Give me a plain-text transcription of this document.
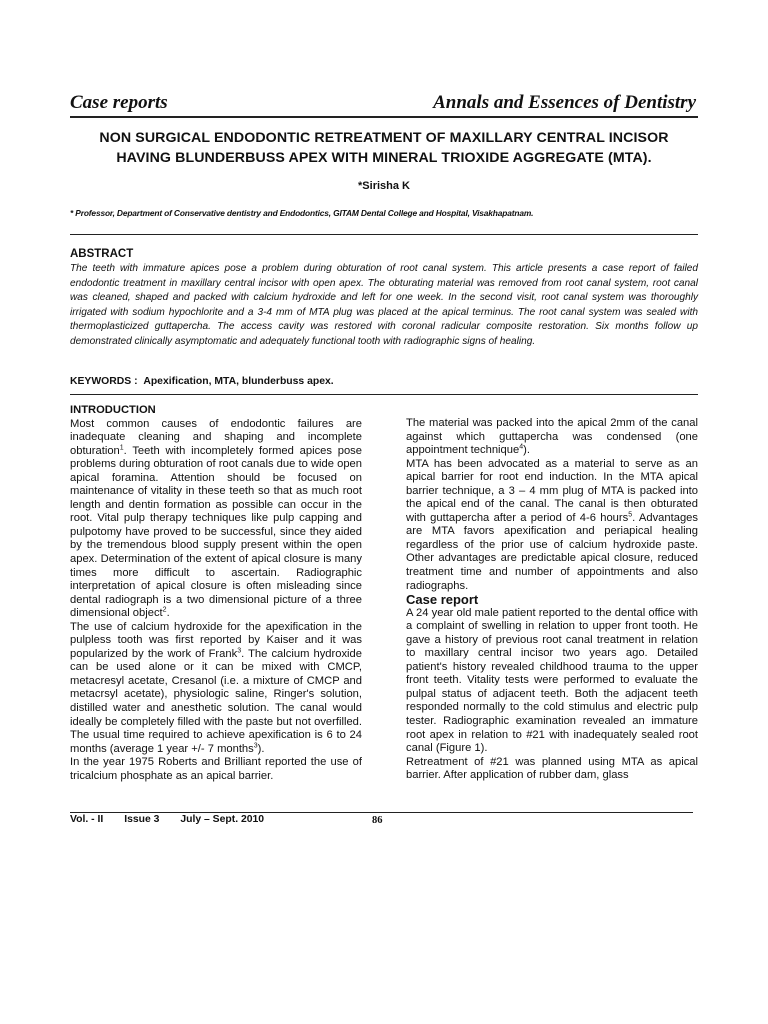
Case reports	Annals and Essences of Dentistry
NON SURGICAL ENDODONTIC RETREATMENT OF MAXILLARY CENTRAL INCISOR
HAVING BLUNDERBUSS APEX WITH MINERAL TRIOXIDE AGGREGATE (MTA).
*Sirisha K
* Professor, Department of Conservative dentistry and Endodontics, GITAM Dental College and Hospital, Visakhapatnam.
ABSTRACT
The teeth with immature apices pose a problem during obturation of root canal system. This article presents a case report of failed endodontic treatment in maxillary central incisor with open apex. The obturating material was removed from root canal system, root canal was cleaned, shaped and packed with calcium hydroxide and left for one week. In the second visit, root canal system was thoroughly irrigated with sodium hypochlorite and a 3-4 mm of MTA plug was placed at the apical terminus. The root canal system was sealed with thermoplasticized guttapercha. The access cavity was restored with coronal radicular composite restoration. Six months follow up demonstrated clinically asymptomatic and adequately functional tooth with radiographic signs of healing.
KEYWORDS : Apexification, MTA, blunderbuss apex.

INTRODUCTION

Most common causes of endodontic failures are inadequate cleaning and shaping and incomplete obturation$^1$. Teeth with incompletely formed apices pose problems during obturation of root canals due to wide open apical foramina. Attention should be focused on maintenance of vitality in these teeth so that as much root length and dentin formation as possible can occur in the root. Vital pulp therapy techniques like pulp capping and pulpotomy have proved to be successful, since they aided by the tremendous blood supply present within the open apex. Determination of the extent of apical closure is many times more difficult to ascertain. Radiographic interpretation of apical closure is often misleading since dental radiograph is a two dimensional picture of a three dimensional object$^2$.

The use of calcium hydroxide for the apexification in the pulpless tooth was first reported by Kaiser and it was popularized by the work of Frank$^3$. The calcium hydroxide can be used alone or it can be mixed with CMCP, metacresyl acetate, Cresanol (i.e. a mixture of CMCP and metacrsyl acetate), physiologic saline, Ringer's solution, distilled water and anesthetic solution. The canal would ideally be completely filled with the paste but not overfilled. The usual time required to achieve apexification is 6 to 24 months (average 1 year +/- 7 months$^3$).

In the year 1975 Roberts and Brilliant reported the use of tricalcium phosphate as an apical barrier.

The material was packed into the apical 2mm of the canal against which guttapercha was condensed (one appointment technique$^4$).

MTA has been advocated as a material to serve as an apical barrier for root end induction. In the MTA apical barrier technique, a 3 – 4 mm plug of MTA is packed into the apical end of the canal. The canal is then obturated with guttapercha after a period of 4-6 hours$^5$. Advantages are MTA favors apexification and periapical healing regardless of the prior use of calcium hydroxide paste. Other advantages are predictable apical closure, reduced treatment time and number of appointments and also radiographs.

Case report

A 24 year old male patient reported to the dental office with a complaint of swelling in relation to upper front tooth. He gave a history of previous root canal treatment in relation to maxillary central incisor two years ago. Detailed patient's history revealed childhood trauma to the upper front teeth. Vitality tests were performed to evaluate the pulpal status of adjacent teeth. Both the adjacent teeth responded normally to the cold stimulus and electric pulp tester. Radiographic examination revealed an immature root apex in relation to #21 with inadequately sealed root canal (Figure 1).

Retreatment of #21 was planned using MTA as apical barrier. After application of rubber dam, glass

Vol. - II Issue 3 July – Sept. 2010	86
